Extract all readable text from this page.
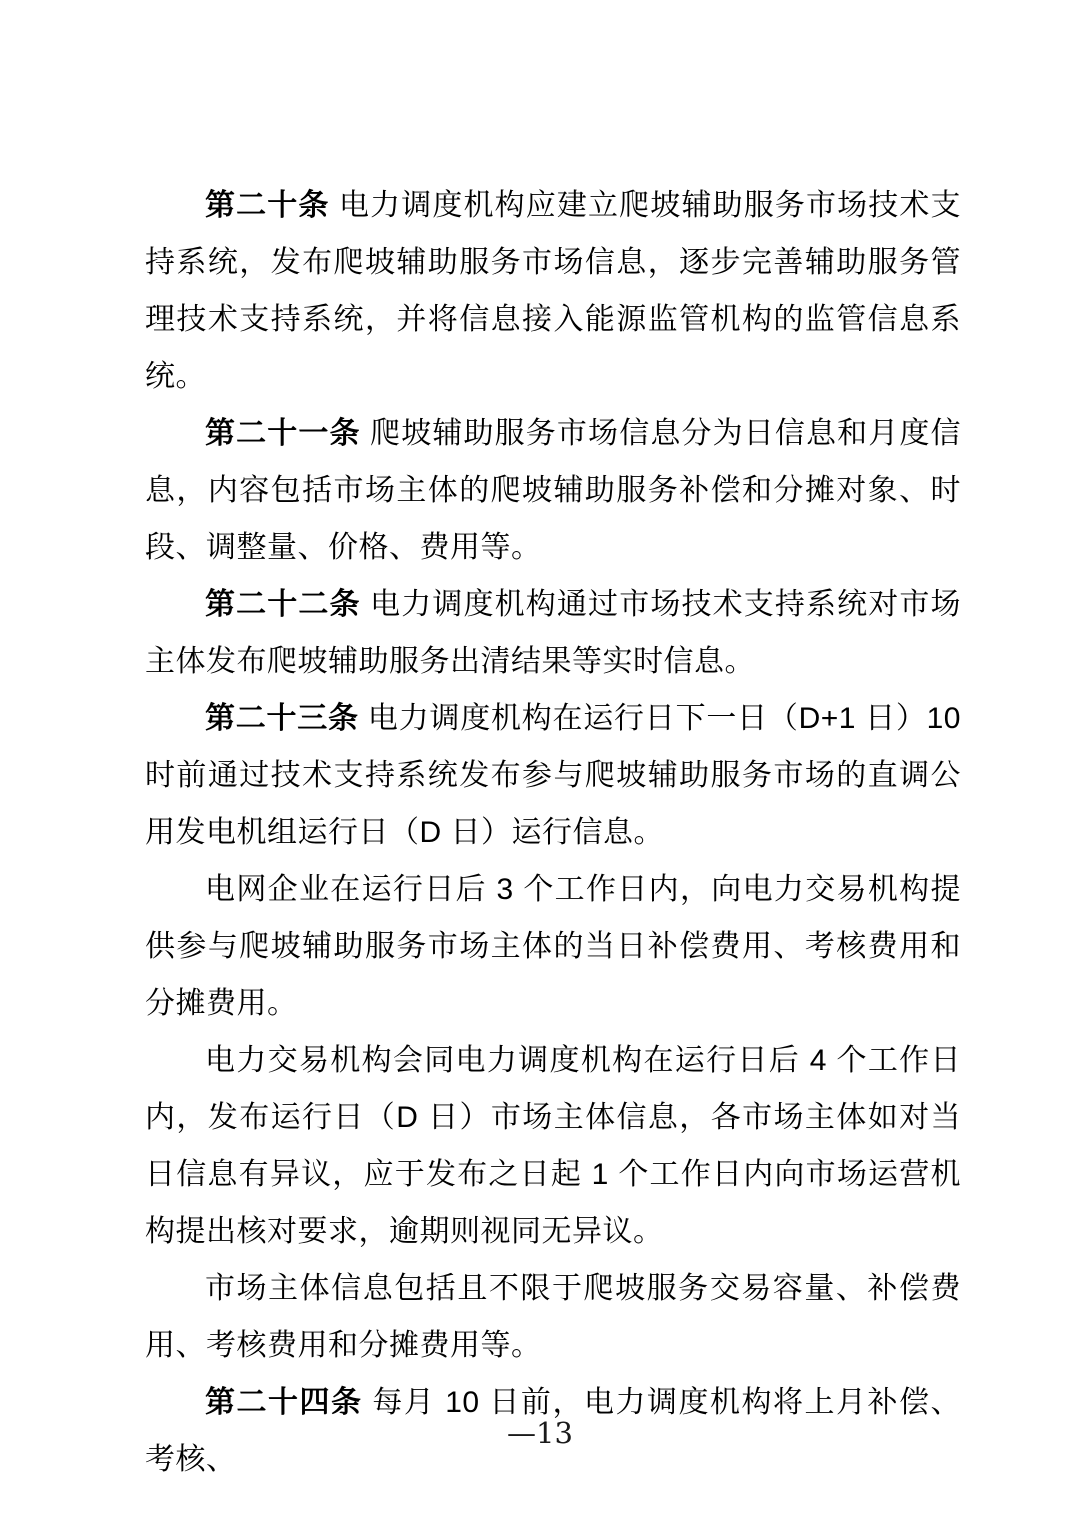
第二十条 电力调度机构应建立爬坡辅助服务市场技术支持系统，发布爬坡辅助服务市场信息，逐步完善辅助服务管理技术支持系统，并将信息接入能源监管机构的监管信息系统。

第二十一条 爬坡辅助服务市场信息分为日信息和月度信息，内容包括市场主体的爬坡辅助服务补偿和分摊对象、时段、调整量、价格、费用等。

第二十二条 电力调度机构通过市场技术支持系统对市场主体发布爬坡辅助服务出清结果等实时信息。

第二十三条 电力调度机构在运行日下一日（D+1 日）10 时前通过技术支持系统发布参与爬坡辅助服务市场的直调公用发电机组运行日（D 日）运行信息。

电网企业在运行日后 3 个工作日内，向电力交易机构提供参与爬坡辅助服务市场主体的当日补偿费用、考核费用和分摊费用。

电力交易机构会同电力调度机构在运行日后 4 个工作日内，发布运行日（D 日）市场主体信息，各市场主体如对当日信息有异议，应于发布之日起 1 个工作日内向市场运营机构提出核对要求，逾期则视同无异议。

市场主体信息包括且不限于爬坡服务交易容量、补偿费用、考核费用和分摊费用等。

第二十四条 每月 10 日前，电力调度机构将上月补偿、考核、

—13
